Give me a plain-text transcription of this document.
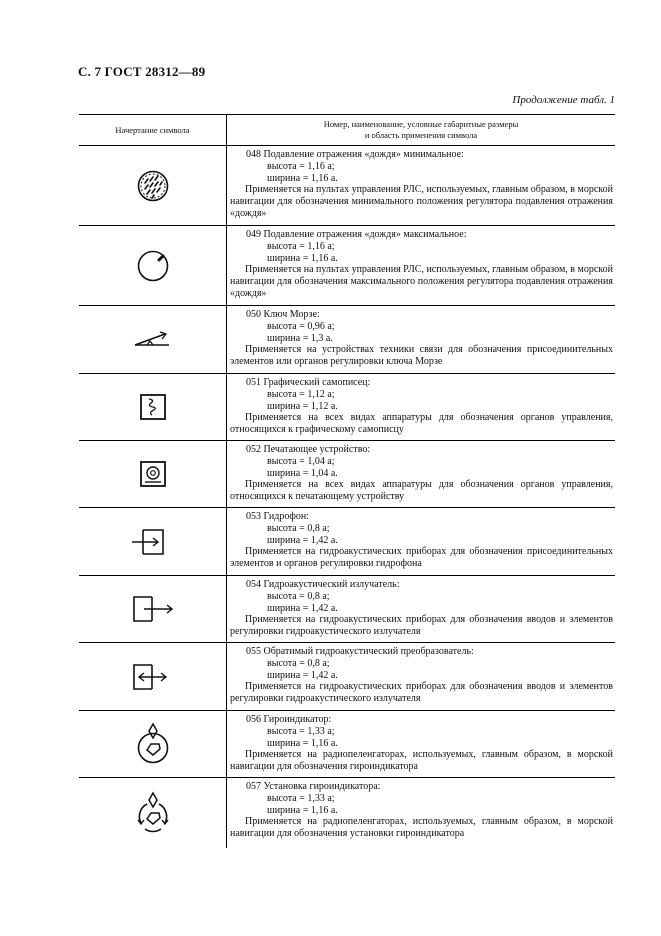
С. 7 ГОСТ 28312—89
Продолжение табл. 1
Начертание символа
Номер, наименование, условные габаритные размеры
и область применения символа
048 Подавление отражения «дождя» минимальное:
высота = 1,16 a;
ширина = 1,16 a.
Применяется на пультах управления РЛС, используемых, главным образом, в морской навигации для обозначения минимального положения регулятора подавления отражения «дождя»
049 Подавление отражения «дождя» максимальное:
высота = 1,16 a;
ширина = 1,16 a.
Применяется на пультах управления РЛС, используемых, главным образом, в морской навигации для обозначения максимального положения регулятора подавления отражения «дождя»
050 Ключ Морзе:
высота = 0,96 a;
ширина = 1,3 a.
Применяется на устройствах техники связи для обозначения присоединительных элементов или органов регулировки ключа Морзе
051 Графический самописец:
высота = 1,12 a;
ширина = 1,12 a.
Применяется на всех видах аппаратуры для обозначения органов управления, относящихся к графическому самописцу
052 Печатающее устройство:
высота = 1,04 a;
ширина = 1,04 a.
Применяется на всех видах аппаратуры для обозначения органов управления, относящихся к печатающему устройству
053 Гидрофон:
высота = 0,8 a;
ширина = 1,42 a.
Применяется на гидроакустических приборах для обозначения присоединительных элементов и органов регулировки гидрофона
054 Гидроакустический излучатель:
высота = 0,8 a;
ширина = 1,42 a.
Применяется на гидроакустических приборах для обозначения вводов и элементов регулировки гидроакустического излучателя
055 Обратимый гидроакустический преобразователь:
высота = 0,8 a;
ширина = 1,42 a.
Применяется на гидроакустических приборах для обозначения вводов и элементов регулировки гидроакустического излучателя
056 Гироиндикатор:
высота = 1,33 a;
ширина = 1,16 a.
Применяется на радиопеленгаторах, используемых, главным образом, в морской навигации для обозначения гироиндикатора
057 Установка гироиндикатора:
высота = 1,33 a;
ширина = 1,16 a.
Применяется на радиопеленгаторах, используемых, главным образом, в морской навигации для обозначения установки гироиндикатора
